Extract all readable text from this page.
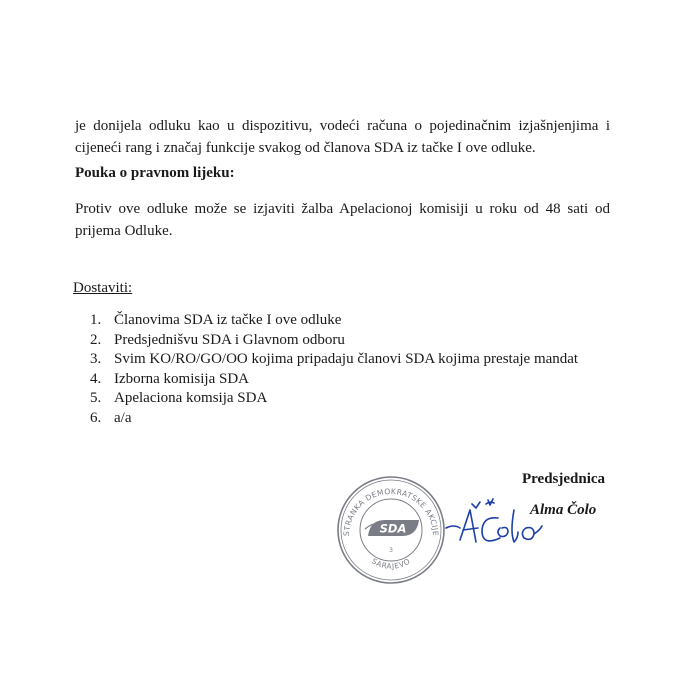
je donijela odluku kao u dispozitivu, vodeći računa o pojedinačnim izjašnjenjima i
cijeneći rang i značaj funkcije svakog od članova SDA iz tačke I ove odluke.

Pouka o pravnom lijeku:

Protiv ove odluke može se izjaviti žalba Apelacionoj komisiji u roku od 48 sati od
prijema Odluke.

Dostaviti:

1. Članovima SDA iz tačke I ove odluke
2. Predsjednišvu SDA i Glavnom odboru
3. Svim KO/RO/GO/OO kojima pripadaju članovi SDA kojima prestaje mandat
4. Izborna komisija SDA
5. Apelaciona komsija SDA
6. a/a

Predsjednica

Alma Čolo

STRANKA DEMOKRATSKE AKCIJE
SARAJEVO
SDA
3
